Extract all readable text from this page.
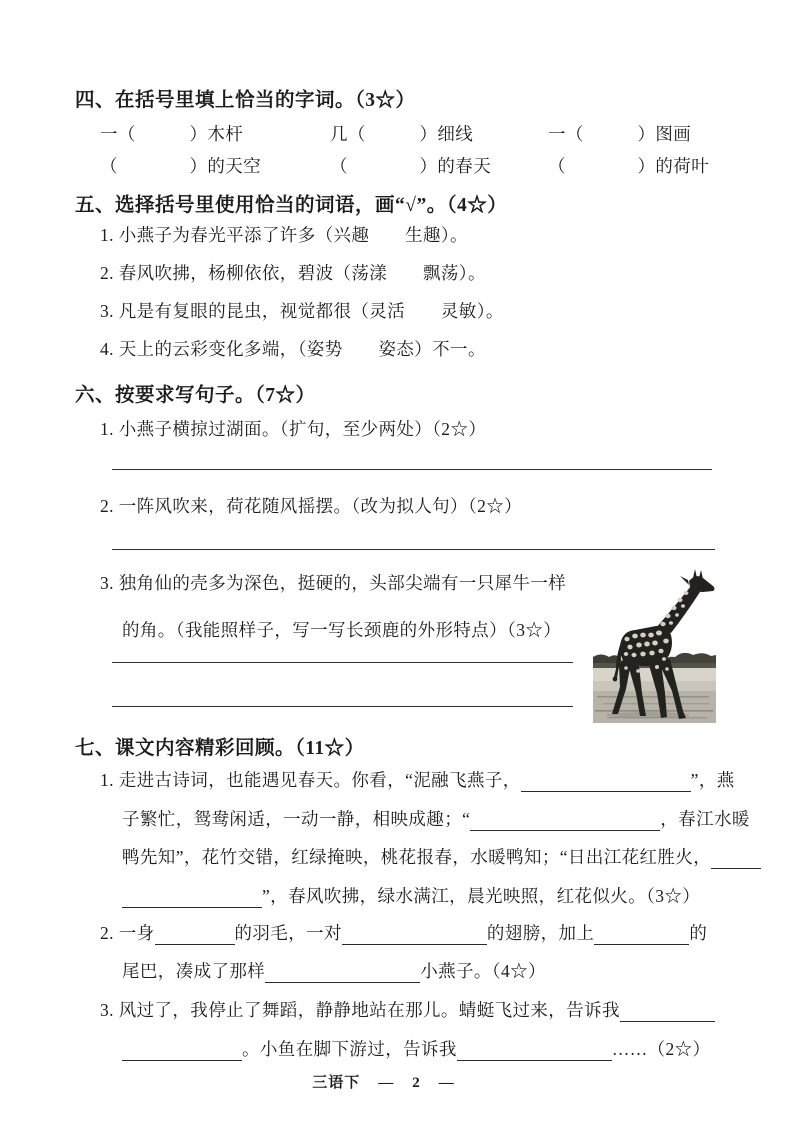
四、在括号里填上恰当的字词。（3☆）
一（　　　）木杆	几（　　　）细线	一（　　　）图画
（　　　　）的天空	（　　　　）的春天	（　　　　）的荷叶
五、选择括号里使用恰当的词语，画“√”。（4☆）
1. 小燕子为春光平添了许多（兴趣　　生趣）。
2. 春风吹拂，杨柳依依，碧波（荡漾　　飘荡）。
3. 凡是有复眼的昆虫，视觉都很（灵活　　灵敏）。
4. 天上的云彩变化多端，（姿势　　姿态）不一。
六、按要求写句子。（7☆）
1. 小燕子横掠过湖面。（扩句，至少两处）（2☆）
2. 一阵风吹来，荷花随风摇摆。（改为拟人句）（2☆）
3. 独角仙的壳多为深色，挺硬的，头部尖端有一只犀牛一样
的角。（我能照样子，写一写长颈鹿的外形特点）（3☆）
七、课文内容精彩回顾。（11☆）
1. 走进古诗词，也能遇见春天。你看，“泥融飞燕子，	”，燕
子繁忙，鸳鸯闲适，一动一静，相映成趣；“	，春江水暖
鸭先知”，花竹交错，红绿掩映，桃花报春，水暖鸭知；“日出江花红胜火，
”，春风吹拂，绿水满江，晨光映照，红花似火。（3☆）
2. 一身	的羽毛，一对	的翅膀，加上	的
尾巴，凑成了那样	小燕子。（4☆）
3. 风过了，我停止了舞蹈，静静地站在那儿。蜻蜓飞过来，告诉我
。小鱼在脚下游过，告诉我	……（2☆）
三语下 — 2 —
